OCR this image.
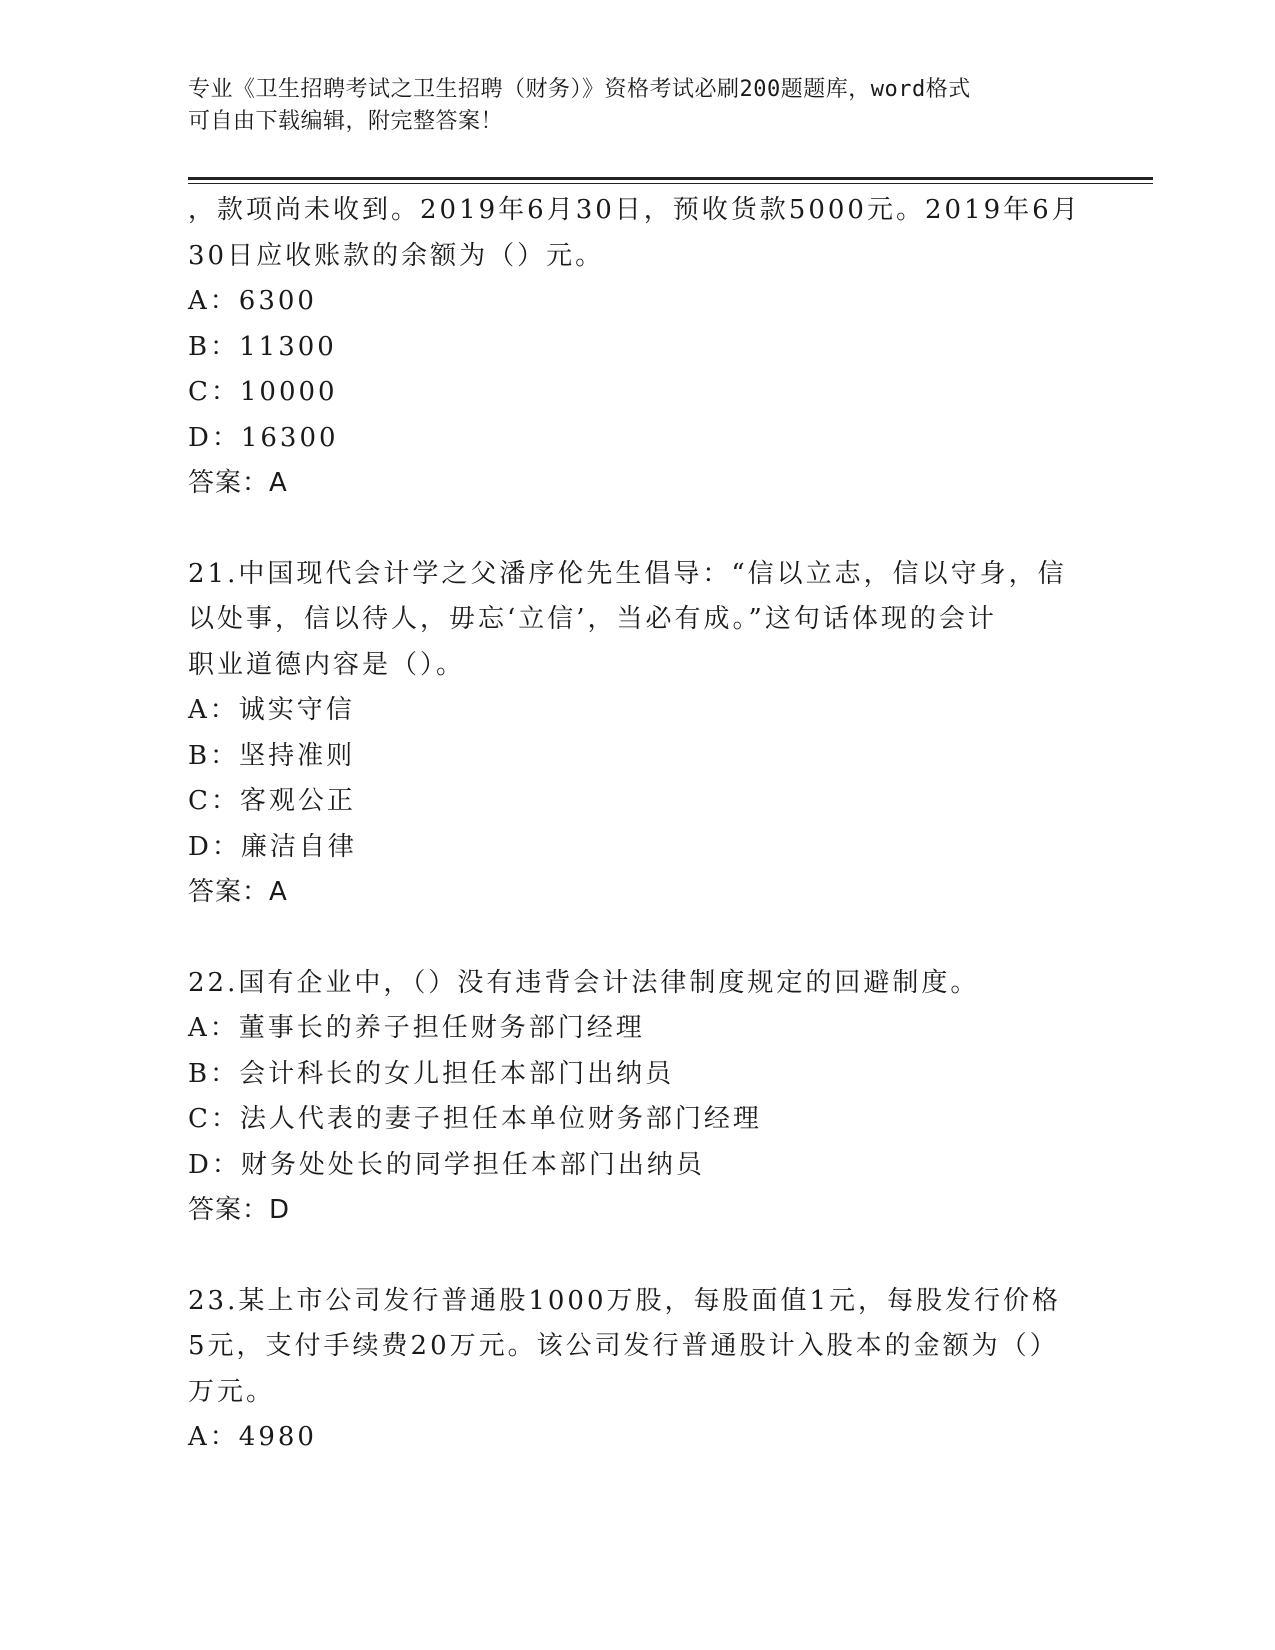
专业《卫生招聘考试之卫生招聘（财务）》资格考试必刷200题题库，word格式
可自由下载编辑，附完整答案！
，款项尚未收到。2019年6月30日，预收货款5000元。2019年6月
30日应收账款的余额为（）元。
A：6300
B：11300
C：10000
D：16300
答案：A
21.中国现代会计学之父潘序伦先生倡导：“信以立志，信以守身，信
以处事，信以待人，毋忘‘立信’，当必有成。”这句话体现的会计
职业道德内容是（）。
A：诚实守信
B：坚持准则
C：客观公正
D：廉洁自律
答案：A
22.国有企业中，（）没有违背会计法律制度规定的回避制度。
A：董事长的养子担任财务部门经理
B：会计科长的女儿担任本部门出纳员
C：法人代表的妻子担任本单位财务部门经理
D：财务处处长的同学担任本部门出纳员
答案：D
23.某上市公司发行普通股1000万股，每股面值1元，每股发行价格
5元，支付手续费20万元。该公司发行普通股计入股本的金额为（）
万元。
A：4980
